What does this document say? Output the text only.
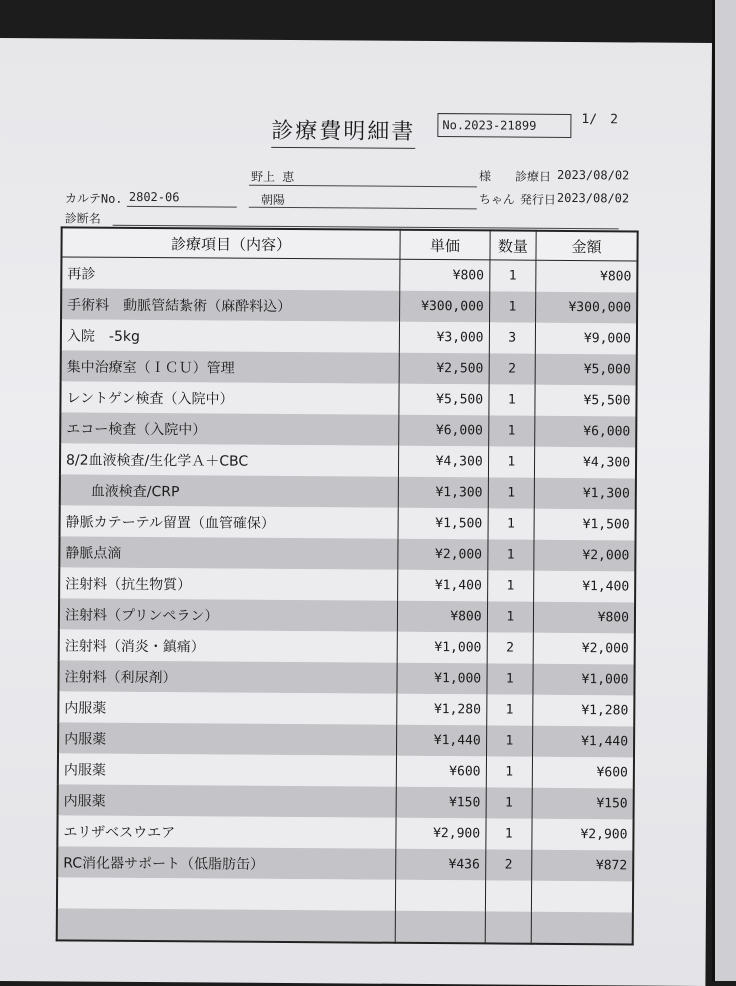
診療費明細書	No.2023-21899	1/　2
野上 恵	様 診療日 2023/08/02
カルテNo. 2802-06	朝陽	ちゃん 発行日 2023/08/02
診断名
診療項目（内容）	単価	数量	金額
再診	¥800	1	¥800
手術料　動脈管結紮術（麻酔料込）	¥300,000	1	¥300,000
入院　-5kg	¥3,000	3	¥9,000
集中治療室（ＩＣＵ）管理	¥2,500	2	¥5,000
レントゲン検査（入院中）	¥5,500	1	¥5,500
エコー検査（入院中）	¥6,000	1	¥6,000
8/2血液検査/生化学Ａ＋CBC	¥4,300	1	¥4,300
血液検査/CRP	¥1,300	1	¥1,300
静脈カテーテル留置（血管確保）	¥1,500	1	¥1,500
静脈点滴	¥2,000	1	¥2,000
注射料（抗生物質）	¥1,400	1	¥1,400
注射料（プリンペラン）	¥800	1	¥800
注射料（消炎・鎮痛）	¥1,000	2	¥2,000
注射料（利尿剤）	¥1,000	1	¥1,000
内服薬	¥1,280	1	¥1,280
内服薬	¥1,440	1	¥1,440
内服薬	¥600	1	¥600
内服薬	¥150	1	¥150
エリザベスウエア	¥2,900	1	¥2,900
RC消化器サポート（低脂肪缶）	¥436	2	¥872
